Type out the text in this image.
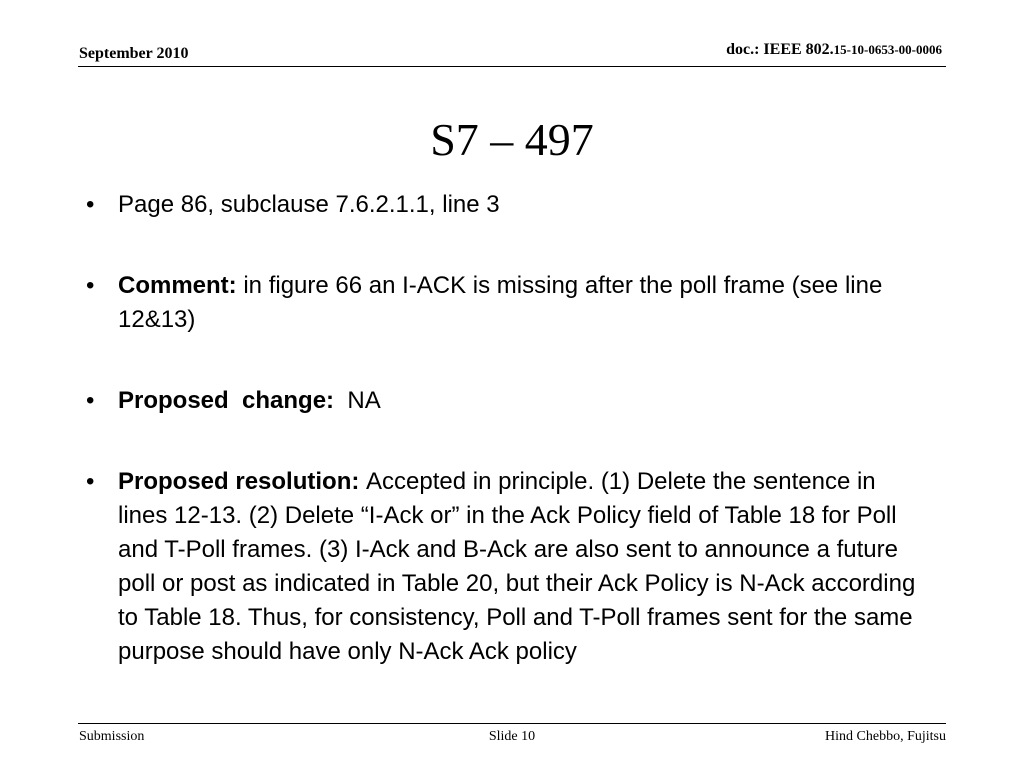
September 2010	doc.: IEEE 802.15-10-0653-00-0006
S7 – 497
• Page 86, subclause 7.6.2.1.1, line 3
• Comment: in figure 66 an I-ACK is missing after the poll frame (see line 12&13)
• Proposed  change:  NA
• Proposed resolution: Accepted in principle. (1) Delete the sentence in lines 12-13. (2) Delete “I-Ack or” in the Ack Policy field of Table 18 for Poll and T-Poll frames. (3) I-Ack and B-Ack are also sent to announce a future poll or post as indicated in Table 20, but their Ack Policy is N-Ack according to Table 18. Thus, for consistency, Poll and T-Poll frames sent for the same purpose should have only N-Ack Ack policy
Submission	Slide 10	Hind Chebbo, Fujitsu
